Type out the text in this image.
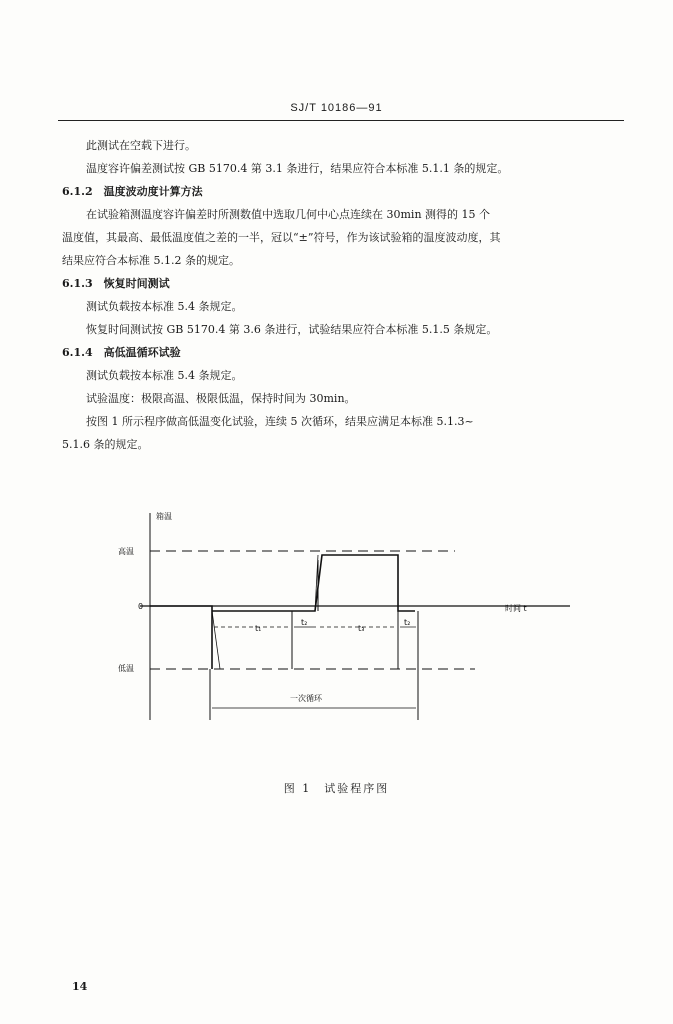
SJ/T 10186—91
此测试在空载下进行。
温度容许偏差测试按 GB 5170.4 第 3.1 条进行，结果应符合本标准 5.1.1 条的规定。
6.1.2　温度波动度计算方法
在试验箱测温度容许偏差时所测数值中选取几何中心点连续在 30min 测得的 15 个
温度值，其最高、最低温度值之差的一半，冠以“±”符号，作为该试验箱的温度波动度，其
结果应符合本标准 5.1.2 条的规定。
6.1.3　恢复时间测试
测试负载按本标准 5.4 条规定。
恢复时间测试按 GB 5170.4 第 3.6 条进行，试验结果应符合本标准 5.1.5 条规定。
6.1.4　高低温循环试验
测试负载按本标准 5.4 条规定。
试验温度：极限高温、极限低温，保持时间为 30min。
按图 1 所示程序做高低温变化试验，连续 5 次循环，结果应满足本标准 5.1.3~
5.1.6 条的规定。
箱温
高温
0
低温
时间 t
t₁
t₂
t₃
t₂
一次循环
图 1　试验程序图
14
